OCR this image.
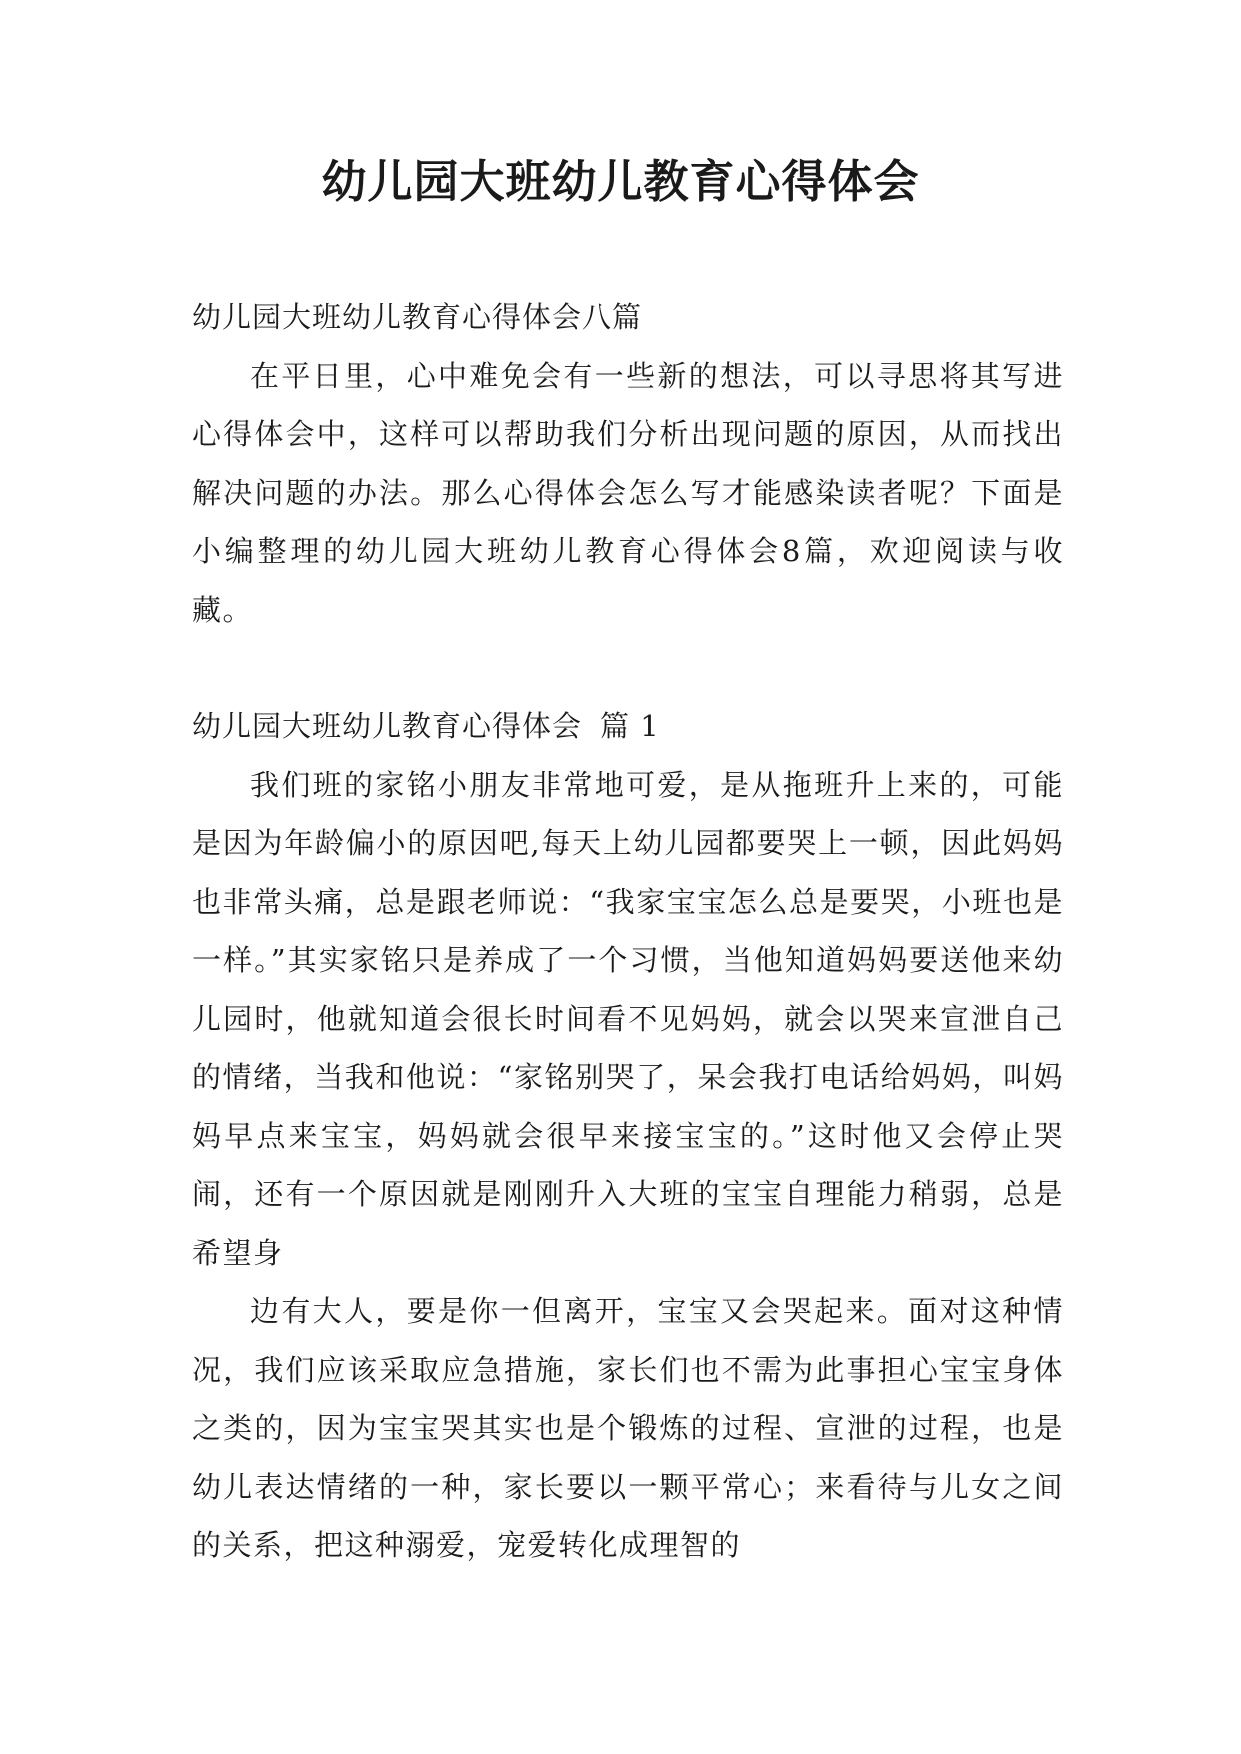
幼儿园大班幼儿教育心得体会

幼儿园大班幼儿教育心得体会八篇

在平日里，心中难免会有一些新的想法，可以寻思将其写进心得体会中，这样可以帮助我们分析出现问题的原因，从而找出解决问题的办法。那么心得体会怎么写才能感染读者呢？下面是小编整理的幼儿园大班幼儿教育心得体会8篇，欢迎阅读与收藏。

幼儿园大班幼儿教育心得体会 篇 1

我们班的家铭小朋友非常地可爱，是从拖班升上来的，可能是因为年龄偏小的原因吧,每天上幼儿园都要哭上一顿，因此妈妈也非常头痛，总是跟老师说：“我家宝宝怎么总是要哭，小班也是一样。”其实家铭只是养成了一个习惯，当他知道妈妈要送他来幼儿园时，他就知道会很长时间看不见妈妈，就会以哭来宣泄自己的情绪，当我和他说：“家铭别哭了，呆会我打电话给妈妈，叫妈妈早点来宝宝，妈妈就会很早来接宝宝的。”这时他又会停止哭闹，还有一个原因就是刚刚升入大班的宝宝自理能力稍弱，总是希望身

边有大人，要是你一但离开，宝宝又会哭起来。面对这种情况，我们应该采取应急措施，家长们也不需为此事担心宝宝身体之类的，因为宝宝哭其实也是个锻炼的过程、宣泄的过程，也是幼儿表达情绪的一种，家长要以一颗平常心；来看待与儿女之间的关系，把这种溺爱，宠爱转化成理智的
